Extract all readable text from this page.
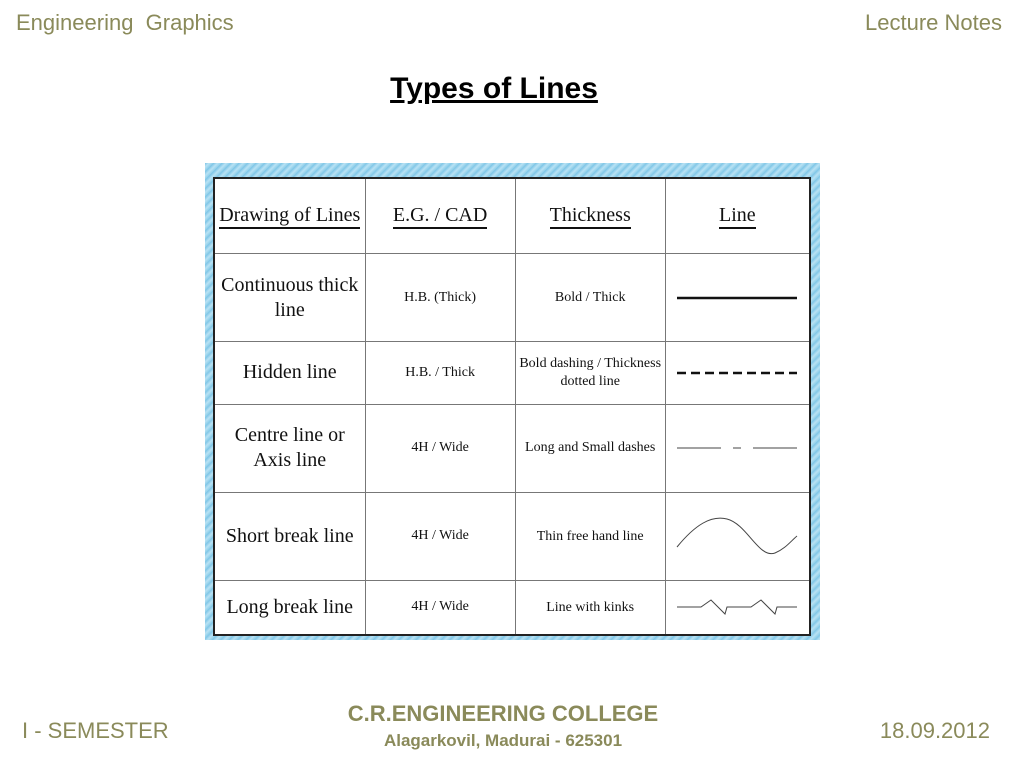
Engineering  Graphics	Lecture Notes
Types of Lines
Drawing of Lines	E.G. / CAD	Thickness	Line
Continuous thick line	H.B. (Thick)	Bold / Thick	

Hidden line	H.B. / Thick	Bold dashing / Thickness dotted line	

Centre line or Axis line	4H / Wide	Long and Small dashes	

Short break line	4H / Wide	Thin free hand line	

Long break line	4H / Wide	Line with kinks	
I - SEMESTER
C.R.ENGINEERING COLLEGE
Alagarkovil, Madurai - 625301	18.09.2012
